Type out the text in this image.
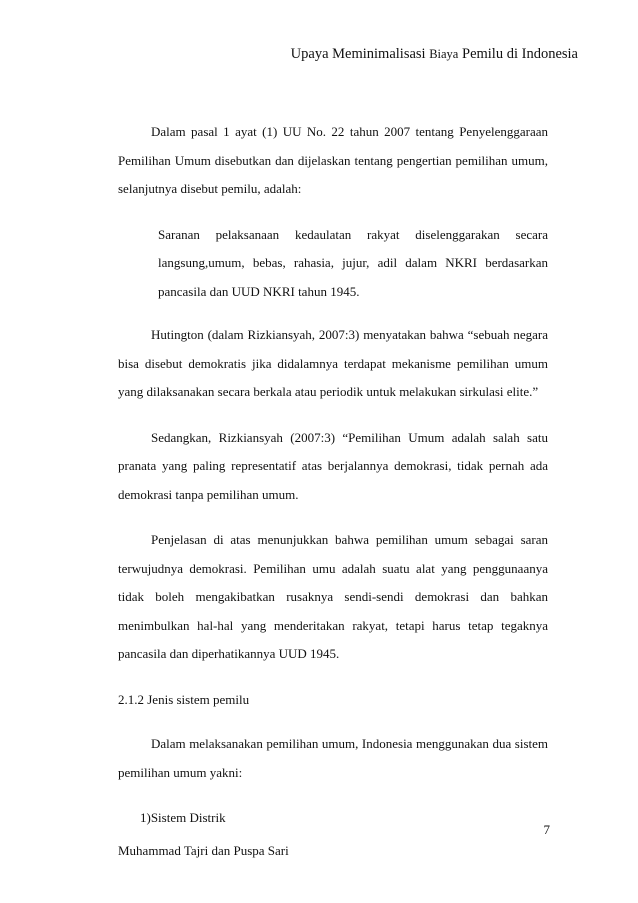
Upaya Meminimalisasi Biaya Pemilu di Indonesia

Dalam pasal 1 ayat (1) UU No. 22 tahun 2007 tentang Penyelenggaraan Pemilihan Umum disebutkan dan dijelaskan tentang pengertian pemilihan umum, selanjutnya disebut pemilu, adalah:

Saranan pelaksanaan kedaulatan rakyat diselenggarakan secara langsung,umum, bebas, rahasia, jujur, adil dalam NKRI berdasarkan pancasila dan UUD NKRI tahun 1945.

Hutington (dalam Rizkiansyah, 2007:3) menyatakan bahwa “sebuah negara bisa disebut demokratis jika didalamnya terdapat mekanisme pemilihan umum yang dilaksanakan secara berkala atau periodik untuk melakukan sirkulasi elite.”

Sedangkan, Rizkiansyah (2007:3) “Pemilihan Umum adalah salah satu pranata yang paling representatif atas berjalannya demokrasi, tidak pernah ada demokrasi tanpa pemilihan umum.

Penjelasan di atas menunjukkan bahwa pemilihan umum sebagai saran terwujudnya demokrasi. Pemilihan umu adalah suatu alat yang penggunaanya tidak boleh mengakibatkan rusaknya sendi-sendi demokrasi dan bahkan menimbulkan hal-hal yang menderitakan rakyat, tetapi harus tetap tegaknya pancasila dan diperhatikannya UUD 1945.

2.1.2 Jenis sistem pemilu

Dalam melaksanakan pemilihan umum, Indonesia menggunakan dua sistem pemilihan umum yakni:

1)Sistem Distrik

7
Muhammad Tajri dan Puspa Sari
